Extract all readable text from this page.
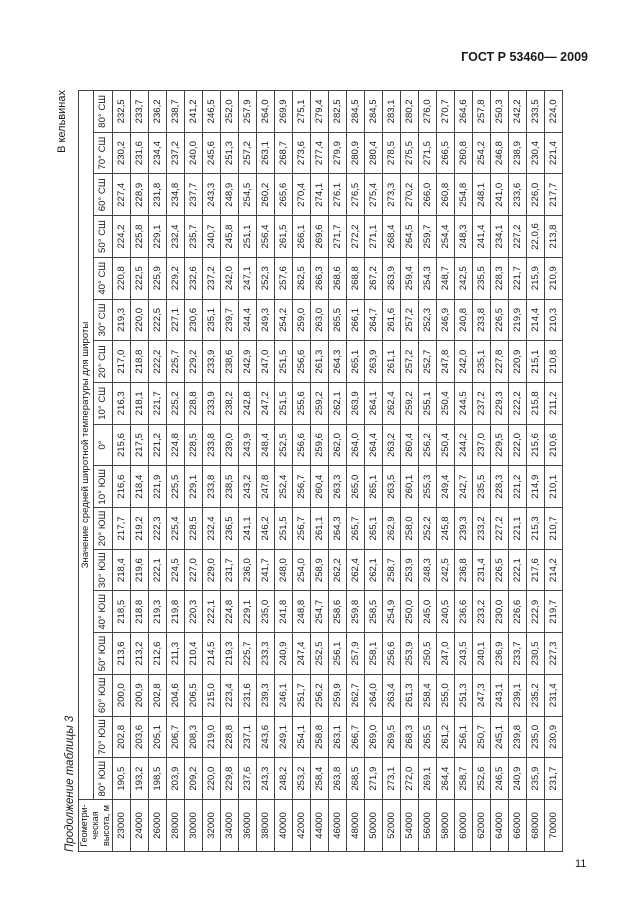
ГОСТ Р 53460— 2009
Продолжение таблицы 3
В кельвинах
Геометри-ческая высота, м	Значение средней широтной температуры для широты																
	80° ЮШ	70° ЮШ	60° ЮШ	50° ЮШ	40° ЮШ	30° ЮШ	20° ЮШ	10° ЮШ	0°	10° СШ	20° СШ	30° СШ	40° СШ	50° СШ	60° СШ	70° СШ	80° СШ
23000	190,5	202,8	200,0	213,6	218,5	218,4	217,7	216,6	215,6	216,3	217,0	219,3	220,8	224,2	227,4	230,2	232,5
24000	193,2	203,6	200,9	213,2	218,8	219,6	219,2	218,4	217,5	218,1	218,8	220,0	222,5	225,8	228,9	231,6	233,7
26000	198,5	205,1	202,8	212,6	219,3	222,1	222,3	221,9	221,2	221,7	222,2	222,5	225,9	229,1	231,8	234,4	236,2
28000	203,9	206,7	204,6	211,3	219,8	224,5	225,4	225,5	224,8	225,2	225,7	227,1	229,2	232,4	234,8	237,2	238,7
30000	209,2	208,3	206,5	210,4	220,3	227,0	228,5	229,1	228,5	228,8	229,2	230,6	232,6	235,7	237,7	240,0	241,2
32000	220,0	219,0	215,0	214,5	222,1	229,0	232,4	233,8	233,8	233,9	233,9	235,1	237,2	240,7	243,3	245,6	246,5
34000	229,8	228,8	223,4	219,3	224,8	231,7	236,5	238,5	239,0	238,2	238,6	239,7	242,0	245,8	248,9	251,3	252,0
36000	237,6	237,1	231,6	225,7	229,1	236,0	241,1	243,2	243,9	242,8	242,9	244,4	247,1	251,1	254,5	257,2	257,9
38000	243,3	243,6	239,3	233,3	235,0	241,7	246,2	247,8	248,4	247,2	247,0	249,3	252,3	256,4	260,2	263,1	264,0
40000	248,2	249,1	246,1	240,9	241,8	248,0	251,5	252,4	252,5	251,5	251,5	254,2	257,6	261,5	265,6	268,7	269,9
42000	253,2	254,1	251,7	247,4	248,8	254,0	256,7	256,7	256,6	255,6	256,6	259,0	262,5	266,1	270,4	273,6	275,1
44000	258,4	258,8	256,2	252,5	254,7	258,9	261,1	260,4	259,6	259,2	261,3	263,0	266,3	269,6	274,1	277,4	279,4
46000	263,8	263,1	259,9	256,1	258,6	262,2	264,3	263,3	262,0	262,1	264,3	265,5	268,6	271,7	276,1	279,9	282,5
48000	268,5	266,7	262,7	257,9	259,8	262,4	265,7	265,0	264,0	263,9	265,1	266,1	268,8	272,2	276,5	280,9	284,5
50000	271,9	269,0	264,0	258,1	258,5	262,1	265,1	265,1	264,4	264,1	263,9	264,7	267,2	271,1	275,4	280,4	284,5
52000	273,1	269,5	263,4	256,6	254,9	258,7	262,9	263,5	263,2	262,4	261,1	261,6	263,9	268,4	273,3	278,5	283,1
54000	272,0	268,3	261,3	253,9	250,0	253,9	258,0	260,1	260,4	259,2	257,2	257,2	259,4	264,5	270,2	275,5	280,2
56000	269,1	265,5	258,4	250,5	245,0	248,3	252,2	255,3	256,2	255,1	252,7	252,3	254,3	259,7	266,0	271,5	276,0
58000	264,4	261,2	255,0	247,0	240,5	242,5	245,8	249,4	250,4	250,4	247,8	246,9	248,7	254,4	260,8	266,5	270,7
60000	258,7	256,1	251,3	243,5	236,6	236,8	239,3	242,7	244,2	244,5	242,0	240,8	242,5	248,3	254,8	260,8	264,6
62000	252,6	250,7	247,3	240,1	233,2	231,4	233,2	235,5	237,0	237,2	235,1	233,8	235,5	241,4	248,1	254,2	257,8
64000	246,5	245,1	243,1	236,9	230,0	226,5	227,2	228,3	229,5	229,3	227,8	226,5	228,3	234,1	241,0	246,8	250,3
66000	240,9	239,8	239,1	233,7	226,6	222,1	221,1	221,2	222,0	222,2	220,9	219,9	221,7	227,2	233,6	238,9	242,2
68000	235,9	235,0	235,2	230,5	222,9	217,6	215,3	214,9	215,6	215,8	215,1	214,4	215,9	22,0,6	226,0	230,4	233,5
70000	231,7	230,9	231,4	227,3	219,7	214,2	210,7	210,1	210,6	211,2	210,8	210,3	210,9	213,8	217,7	221,4	224,0
11
